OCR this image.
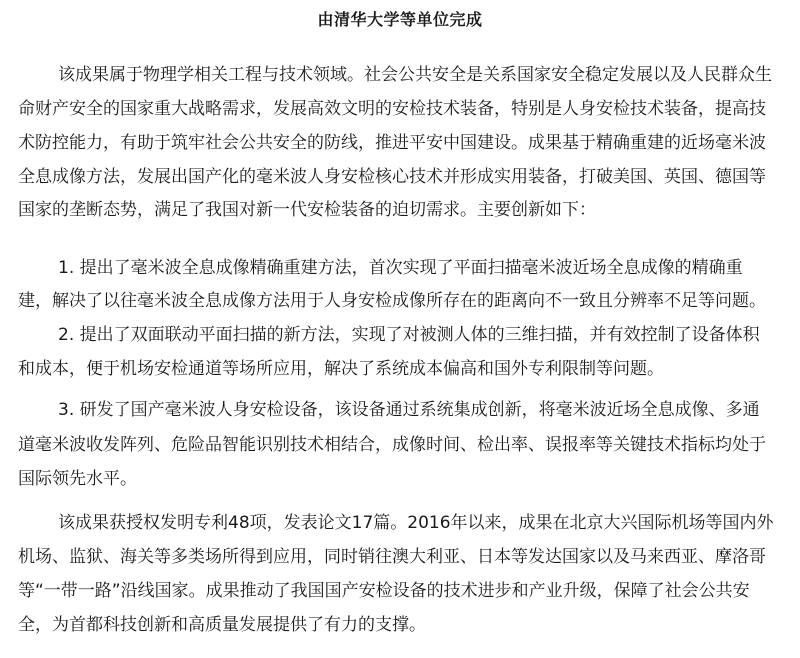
由清华大学等单位完成
该成果属于物理学相关工程与技术领域。社会公共安全是关系国家安全稳定发展以及人民群众生
命财产安全的国家重大战略需求，发展高效文明的安检技术装备，特别是人身安检技术装备，提高技
术防控能力，有助于筑牢社会公共安全的防线，推进平安中国建设。成果基于精确重建的近场毫米波
全息成像方法，发展出国产化的毫米波人身安检核心技术并形成实用装备，打破美国、英国、德国等
国家的垄断态势，满足了我国对新一代安检装备的迫切需求。主要创新如下：
1. 提出了毫米波全息成像精确重建方法，首次实现了平面扫描毫米波近场全息成像的精确重
建，解决了以往毫米波全息成像方法用于人身安检成像所存在的距离向不一致且分辨率不足等问题。
2. 提出了双面联动平面扫描的新方法，实现了对被测人体的三维扫描，并有效控制了设备体积
和成本，便于机场安检通道等场所应用，解决了系统成本偏高和国外专利限制等问题。
3. 研发了国产毫米波人身安检设备，该设备通过系统集成创新，将毫米波近场全息成像、多通
道毫米波收发阵列、危险品智能识别技术相结合，成像时间、检出率、误报率等关键技术指标均处于
国际领先水平。
该成果获授权发明专利48项，发表论文17篇。2016年以来，成果在北京大兴国际机场等国内外
机场、监狱、海关等多类场所得到应用，同时销往澳大利亚、日本等发达国家以及马来西亚、摩洛哥
等“一带一路”沿线国家。成果推动了我国国产安检设备的技术进步和产业升级，保障了社会公共安
全，为首都科技创新和高质量发展提供了有力的支撑。
